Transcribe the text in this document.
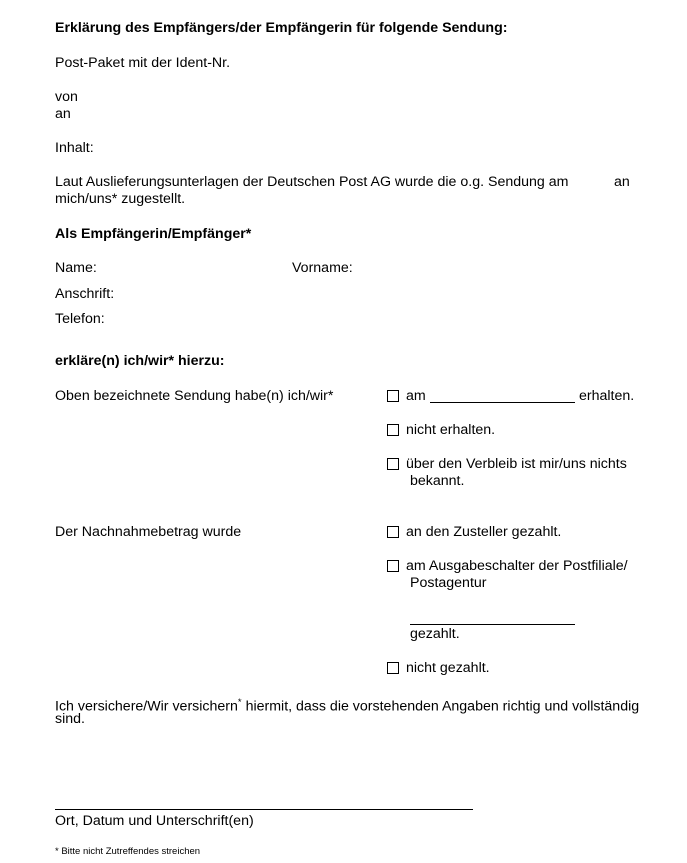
Erklärung des Empfängers/der Empfängerin für folgende Sendung:
Post-Paket mit der Ident-Nr.
von
an
Inhalt:
Laut Auslieferungsunterlagen der Deutschen Post AG wurde die o.g. Sendung am	an
mich/uns* zugestellt.
Als Empfängerin/Empfänger*
Name:	Vorname:
Anschrift:
Telefon:
erkläre(n) ich/wir* hierzu:
Oben bezeichnete Sendung habe(n) ich/wir*	am	erhalten.
nicht erhalten.
über den Verbleib ist mir/uns nichts
bekannt.
Der Nachnahmebetrag wurde	an den Zusteller gezahlt.
am Ausgabeschalter der Postfiliale/
Postagentur
gezahlt.
nicht gezahlt.
Ich versichere/Wir versichern* hiermit, dass die vorstehenden Angaben richtig und vollständig
sind.
Ort, Datum und Unterschrift(en)
* Bitte nicht Zutreffendes streichen
